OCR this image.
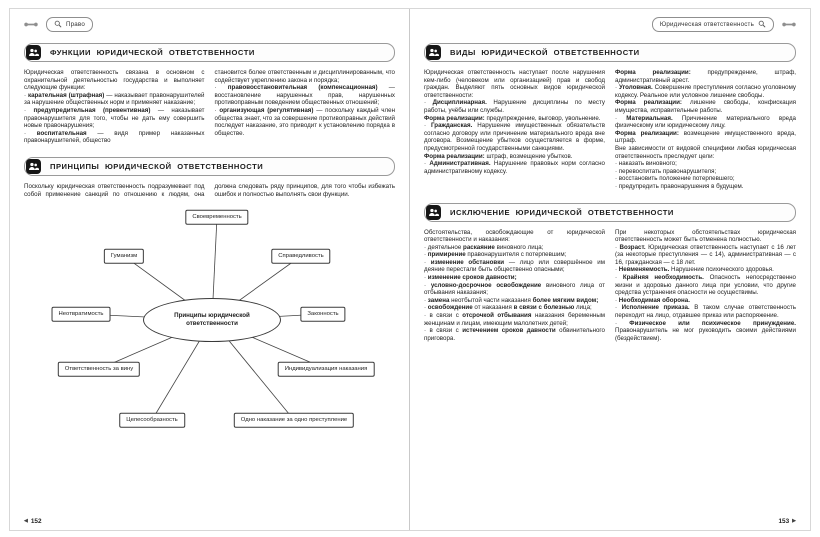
Право
ФУНКЦИИ ЮРИДИЧЕСКОЙ ОТВЕТСТВЕННОСТИ
Юридическая ответственность связана в основном с охранительной деятельностью государства и выполняет следующие функции:
· карательная (штрафная) — наказывает правонарушителей за нарушение общественных норм и применяет наказание;
· предупредительная (превентивная) — наказывает правонарушителя для того, чтобы не дать ему совершить новые правонарушения;
· воспитательная — видя пример наказанных правонарушителей, общество
становится более ответственным и дисциплинированным, что содействует укреплению закона и порядка;
· правовосстановительная (компенсационная) — восстановление нарушенных прав, нарушенных противоправным поведением общественных отношений;
· организующая (регулятивная) — поскольку каждый член общества знает, что за совершение противоправных действий последует наказание, это приводит к установлению порядка в обществе.
ПРИНЦИПЫ ЮРИДИЧЕСКОЙ ОТВЕТСТВЕННОСТИ
Поскольку юридическая ответственность подразумевает под собой применение санкций по отношению к людям, она должна следовать ряду принципов, для того чтобы избежать ошибок и полностью выполнять свои функции.
Своевременность
Гуманизм	Справедливость
Неотвратимость	Законность
Ответственность за вину	Индивидуализация наказания
Целесообразность	Одно наказание за одно преступление
Принципы юридической ответственности
◀ 152
Юридическая ответственность
ВИДЫ ЮРИДИЧЕСКОЙ ОТВЕТСТВЕННОСТИ
Юридическая ответственность наступает после нарушения кем-либо (человеком или организацией) прав и свобод граждан. Выделяют пять основных видов юридической ответственности:
· Дисциплинарная. Нарушение дисциплины по месту работы, учёбы или службы.
Форма реализации: предупреждение, выговор, увольнение.
· Гражданская. Нарушение имущественных обязательств согласно договору или причинение материального вреда вне договора. Возмещение убытков осуществляется в форме, предусмотренной государственными санкциями.
Форма реализации: штраф, возмещение убытков.
· Административная. Нарушение правовых норм согласно административному кодексу.
Форма реализации: предупреждение, штраф, административный арест.
· Уголовная. Совершение преступления согласно уголовному кодексу. Реальное или условное лишение свободы.
Форма реализации: лишение свободы, конфискация имущества, исправительные работы.
· Материальная. Причинение материального вреда физическому или юридическому лицу.
Форма реализации: возмещение имущественного вреда, штраф.
Вне зависимости от видовой специфики любая юридическая ответственность преследует цели:
· наказать виновного;
· перевоспитать правонарушителя;
· восстановить положение потерпевшего;
· предупредить правонарушения в будущем.
ИСКЛЮЧЕНИЕ ЮРИДИЧЕСКОЙ ОТВЕТСТВЕННОСТИ
Обстоятельства, освобождающие от юридической ответственности и наказания:
· деятельное раскаяние виновного лица;
· примирение правонарушителя с потерпевшим;
· изменение обстановки — лицо или совершённое им деяние перестали быть общественно опасными;
· изменение сроков давности;
· условно-досрочное освобождение виновного лица от отбывания наказания;
· замена неотбытой части наказания более мягким видом;
· освобождение от наказания в связи с болезнью лица;
· в связи с отсрочкой отбывания наказания беременным женщинам и лицам, имеющим малолетних детей;
· в связи с истечением сроков давности обвинительного приговора.
При некоторых обстоятельствах юридическая ответственность может быть отменена полностью.
· Возраст. Юридическая ответственность наступает с 16 лет (за некоторые преступления — с 14), административная — с 16, гражданская — с 18 лет.
· Невменяемость. Нарушение психического здоровья.
· Крайняя необходимость. Опасность непосредственно жизни и здоровью данного лица при условии, что другие средства устранения опасности не осуществимы.
· Необходимая оборона.
· Исполнение приказа. В таком случае ответственность переходит на лицо, отдавшее приказ или распоряжение.
· Физическое или психическое принуждение. Правонарушитель не мог руководить своими действиями (бездействием).
153 ▶
